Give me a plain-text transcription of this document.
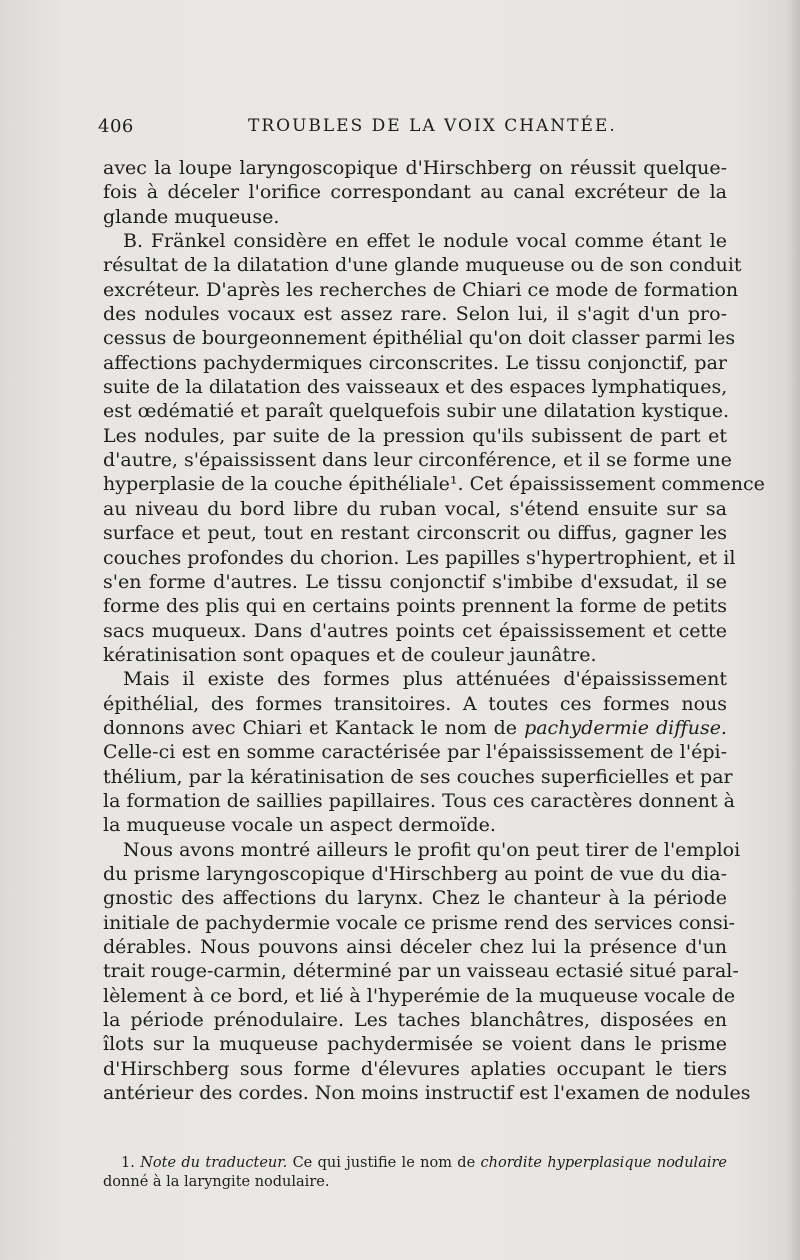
406	TROUBLES DE LA VOIX CHANTÉE.
avec la loupe laryngoscopique d'Hirschberg on réussit quelque-
fois à déceler l'orifice correspondant au canal excréteur de la
glande muqueuse.
B. Fränkel considère en effet le nodule vocal comme étant le
résultat de la dilatation d'une glande muqueuse ou de son conduit
excréteur. D'après les recherches de Chiari ce mode de formation
des nodules vocaux est assez rare. Selon lui, il s'agit d'un pro-
cessus de bourgeonnement épithélial qu'on doit classer parmi les
affections pachydermiques circonscrites. Le tissu conjonctif, par
suite de la dilatation des vaisseaux et des espaces lymphatiques,
est œdématié et paraît quelquefois subir une dilatation kystique.
Les nodules, par suite de la pression qu'ils subissent de part et
d'autre, s'épaississent dans leur circonférence, et il se forme une
hyperplasie de la couche épithéliale¹. Cet épaississement commence
au niveau du bord libre du ruban vocal, s'étend ensuite sur sa
surface et peut, tout en restant circonscrit ou diffus, gagner les
couches profondes du chorion. Les papilles s'hypertrophient, et il
s'en forme d'autres. Le tissu conjonctif s'imbibe d'exsudat, il se
forme des plis qui en certains points prennent la forme de petits
sacs muqueux. Dans d'autres points cet épaississement et cette
kératinisation sont opaques et de couleur jaunâtre.
Mais il existe des formes plus atténuées d'épaississement
épithélial, des formes transitoires. A toutes ces formes nous
donnons avec Chiari et Kantack le nom de pachydermie diffuse.
Celle-ci est en somme caractérisée par l'épaississement de l'épi-
thélium, par la kératinisation de ses couches superficielles et par
la formation de saillies papillaires. Tous ces caractères donnent à
la muqueuse vocale un aspect dermoïde.
Nous avons montré ailleurs le profit qu'on peut tirer de l'emploi
du prisme laryngoscopique d'Hirschberg au point de vue du dia-
gnostic des affections du larynx. Chez le chanteur à la période
initiale de pachydermie vocale ce prisme rend des services consi-
dérables. Nous pouvons ainsi déceler chez lui la présence d'un
trait rouge-carmin, déterminé par un vaisseau ectasié situé paral-
lèlement à ce bord, et lié à l'hyperémie de la muqueuse vocale de
la période prénodulaire. Les taches blanchâtres, disposées en
îlots sur la muqueuse pachydermisée se voient dans le prisme
d'Hirschberg sous forme d'élevures aplaties occupant le tiers
antérieur des cordes. Non moins instructif est l'examen de nodules
1. Note du traducteur. Ce qui justifie le nom de chordite hyperplasique nodulaire
donné à la laryngite nodulaire.
